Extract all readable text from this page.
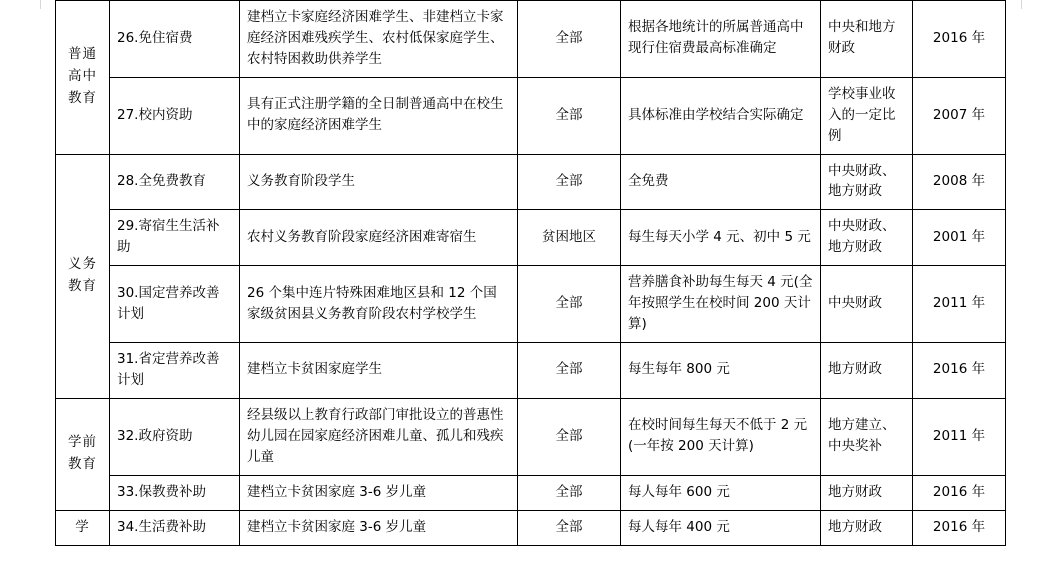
普通高中教育	26.免住宿费	建档立卡家庭经济困难学生、非建档立卡家庭经济困难残疾学生、农村低保家庭学生、农村特困救助供养学生	全部	根据各地统计的所属普通高中现行住宿费最高标准确定	中央和地方财政	2016 年
	27.校内资助	具有正式注册学籍的全日制普通高中在校生中的家庭经济困难学生	全部	具体标准由学校结合实际确定	学校事业收入的一定比例	2007 年

义务教育	28.全免费教育	义务教育阶段学生	全部	全免费	中央财政、地方财政	2008 年
	29.寄宿生生活补助	农村义务教育阶段家庭经济困难寄宿生	贫困地区	每生每天小学 4 元、初中 5 元	中央财政、地方财政	2001 年
	30.国定营养改善计划	26 个集中连片特殊困难地区县和 12 个国家级贫困县义务教育阶段农村学校学生	全部	营养膳食补助每生每天 4 元(全年按照学生在校时间 200 天计算)	中央财政	2011 年
	31.省定营养改善计划	建档立卡贫困家庭学生	全部	每生每年 800 元	地方财政	2016 年

学前教育	32.政府资助	经县级以上教育行政部门审批设立的普惠性幼儿园在园家庭经济困难儿童、孤儿和残疾儿童	全部	在校时间每生每天不低于 2 元 (一年按 200 天计算)	地方建立、中央奖补	2011 年
	33.保教费补助	建档立卡贫困家庭 3-6 岁儿童	全部	每人每年 600 元	地方财政	2016 年

学	34.生活费补助	建档立卡贫困家庭 3-6 岁儿童	全部	每人每年 400 元	地方财政	2016 年
